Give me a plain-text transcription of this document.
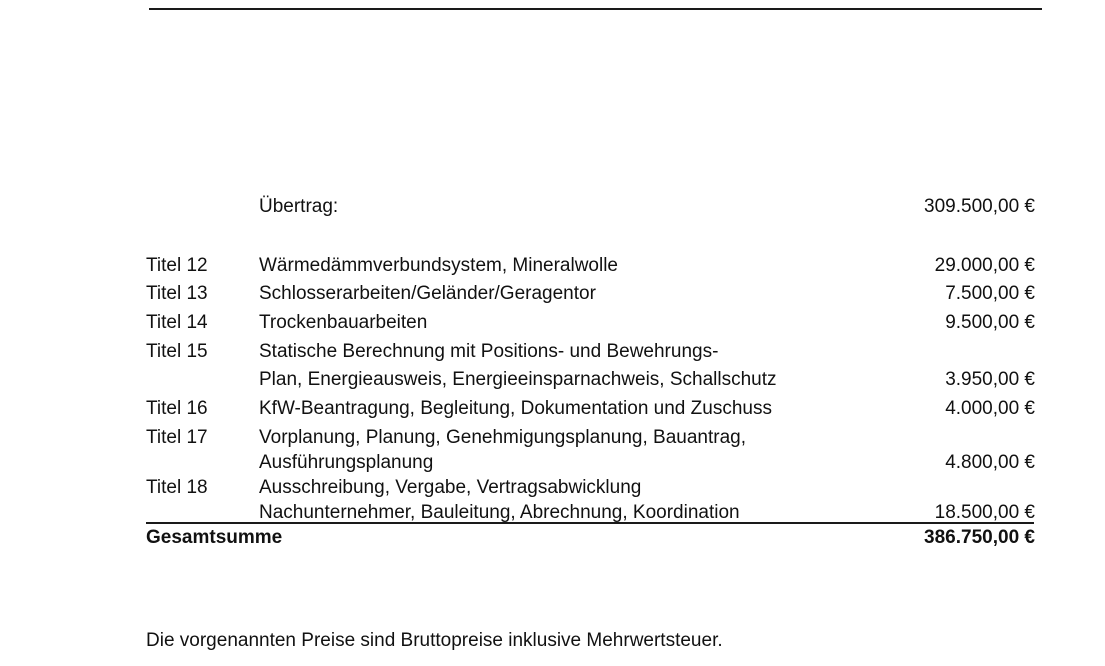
Übertrag:	309.500,00 €
Titel 12	Wärmedämmverbundsystem, Mineralwolle	29.000,00 €
Titel 13	Schlosserarbeiten/Geländer/Geragentor	7.500,00 €
Titel 14	Trockenbauarbeiten	9.500,00 €
Titel 15	Statische Berechnung mit Positions- und Bewehrungs-
Plan, Energieausweis, Energieeinsparnachweis, Schallschutz	3.950,00 €
Titel 16	KfW-Beantragung, Begleitung, Dokumentation und Zuschuss	4.000,00 €
Titel 17	Vorplanung, Planung, Genehmigungsplanung, Bauantrag,
Ausführungsplanung	4.800,00 €
Titel 18	Ausschreibung, Vergabe, Vertragsabwicklung
Nachunternehmer, Bauleitung, Abrechnung, Koordination	18.500,00 €
Gesamtsumme	386.750,00 €
Die vorgenannten Preise sind Bruttopreise inklusive Mehrwertsteuer.
